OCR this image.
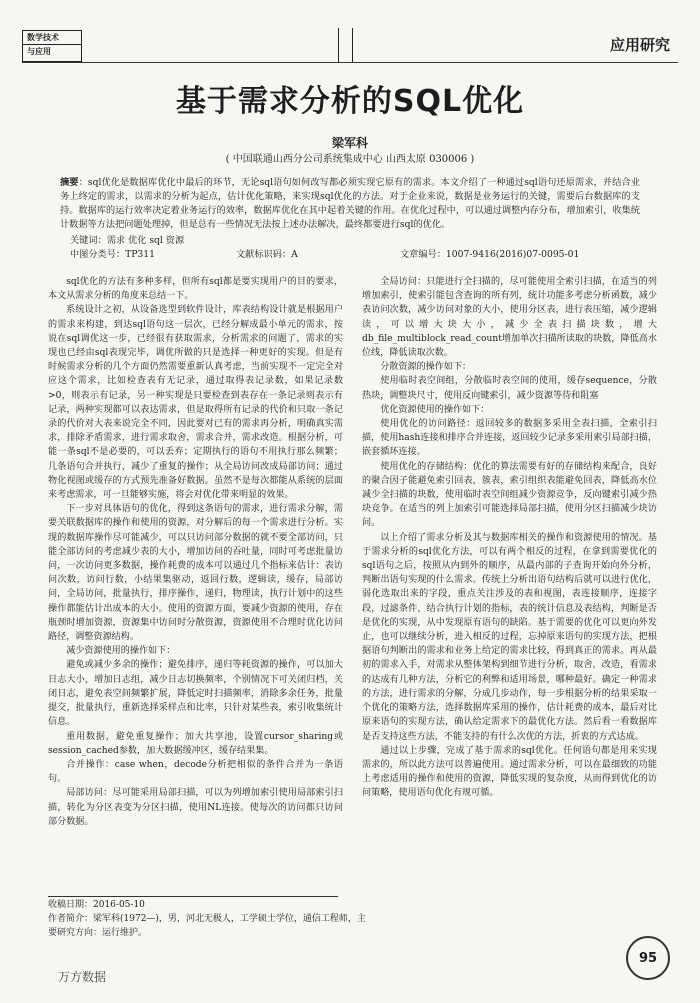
数学技术
与应用	应用研究
基于需求分析的SQL优化
梁军科
( 中国联通山西分公司系统集成中心 山西太原 030006 )
摘要：sql优化是数据库优化中最后的环节，无论sql语句如何改写都必须实现它原有的需求。本文介绍了一种通过sql语句还原需求，并结合业务上终定的需求，以需求的分析为起点，估计优化策略，来实现sql优化的方法。对于企业来说，数据是业务运行的关键，需要后台数据库的支持。数据库的运行效率决定着业务运行的效率，数据库优化在其中起着关键的作用。在优化过程中，可以通过调整内存分布，增加索引，收集统计数据等方法把问题处理掉，但是总有一些情况无法按上述办法解决，最终都要进行sql的优化。
关键词：需求 优化 sql 资源
中图分类号：TP311	文献标识码：A	文章编号：1007-9416(2016)07-0095-01

sql优化的方法有多种多样，但所有sql都是要实现用户的目的要求，本文从需求分析的角度来总结一下。

系统设计之初，从设备选型到软件设计，库表结构设计就是根据用户的需求来构建，到达sql语句这一层次，已经分解成最小单元的需求，按说在sql调优这一步，已经很有获取需求，分析需求的问题了，需求的实现也已经由sql表现完毕，调优所做的只是选择一种更好的实现。但是有时候需求分析的几个方面仍然需要重新认真考虑，当前实现不一定完全对应这个需求，比如检查表有无记录，通过取得表记录数，如果记录数>0，则表示有记录，另一种实现是只要检查到表存在一条记录则表示有记录，两种实现都可以表达需求，但是取得所有记录的代价和只取一条记录的代价对大表来说完全不同，因此要对已有的需求再分析，明确真实需求，排除矛盾需求，进行需求取舍，需求合并，需求改造。根据分析，可能一条sql不是必要的，可以丢弃；定期执行的语句不用执行那么频繁；几条语句合并执行，减少了重复的操作；从全局访问改成局部访问；通过物化视图或缓存的方式预先准备好数据。虽然不是每次都能从系统的层面来考虑需求，可一旦能够实施，将会对优化带来明显的效果。

下一步对具体语句的优化，得到这条语句的需求，进行需求分解，需要关联数据库的操作和使用的资源，对分解后的每一个需求进行分析。实现的数据库操作尽可能减少，可以只访问部分数据的就不要全部访问，只能全部访问的考虑减少表的大小，增加访问的吞吐量，同时可考虑批量访问，一次访问更多数据，操作耗费的成本可以通过几个指标来估计：表访问次数，访问行数，小结果集驱动，返回行数，逻辑读，缓存，局部访问，全局访问，批量执行，排序操作，递归，物理读，执行计划中的这些操作都能估计出成本的大小。使用的资源方面，要减少资源的使用，存在瓶颈时增加资源，资源集中访问时分散资源，资源使用不合理时优化访问路径，调整资源结构。

减少资源使用的操作如下：

避免或减少多余的操作；避免排序，递归等耗资源的操作，可以加大日志大小，增加日志组，减少日志切换频率，个别情况下可关闭归档，关闭日志，避免表空间频繁扩展，降低定时扫描频率，消除多余任务，批量提交，批量执行，重新选择采样点和比率，只针对某些表，索引收集统计信息。

重用数据，避免重复操作；加大共享池，设置cursor_sharing或session_cached参数，加大数据缓冲区，缓存结果集。

合并操作：case when，decode分析把相似的条件合并为一条语句。

局部访问：尽可能采用局部扫描，可以为列增加索引使用局部索引扫描，转化为分区表变为分区扫描，使用NL连接。使每次的访问都只访问部分数据。

全局访问：只能进行全扫描的，尽可能使用全索引扫描，在适当的列增加索引，使索引能包含查询的所有列，统计功能多考虑分析函数，减少表访问次数，减少访问对象的大小，使用分区表，进行表压缩，减少逻辑读，可以增大块大小，减少全表扫描块数，增大db_file_multiblock_read_count增加单次扫描所读取的块数，降低高水位线，降低读取次数。

分散资源的操作如下：

使用临时表空间组，分散临时表空间的使用，缓存sequence，分散热块，调整块尺寸，使用反向键索引，减少资源等待和阻塞

优化资源使用的操作如下：

使用优化的访问路径：返回较多的数据多采用全表扫描，全索引扫描，使用hash连接和排序合并连接，返回较少记录多采用索引局部扫描，嵌套循环连接。

使用优化的存储结构：优化的算法需要有好的存储结构来配合，良好的聚合因子能避免索引回表，簇表，索引组织表能避免回表，降低高水位减少全扫描的块数，使用临时表空间组减少资源竞争，反向键索引减少热块竞争。在适当的列上加索引可能选择局部扫描，使用分区扫描减少块访问。

以上介绍了需求分析及其与数据库相关的操作和资源使用的情况。基于需求分析的sql优化方法，可以有两个相反的过程，在拿到需要优化的sql语句之后，按照从内到外的顺序，从最内部的子查询开始向外分析，判断出语句实现的什么需求。传统上分析出语句结构后就可以进行优化，弱化选取出来的字段，重点关注涉及的表和视图，表连接顺序，连接字段，过滤条件，结合执行计划的指标，表的统计信息及表结构，判断是否是优化的实现，从中发现原有语句的缺陷。基于需要的优化可以更向外发止，也可以继续分析，进入相反的过程，忘掉原来语句的实现方法，把根据语句判断出的需求和业务上给定的需求比较，得到真正的需求。再从最初的需求入手，对需求从整体架构到细节进行分析，取舍，改造，看需求的达成有几种方法，分析它的利弊和适用场景，哪种最好。确定一种需求的方法，进行需求的分解，分成几步动作，每一步根据分析的结果采取一个优化的策略方法，选择数据库采用的操作，估计耗费的成本，最后对比原来语句的实现方法，确认给定需求下的最优化方法。然后看一看数据库是否支持这些方法，不能支持的有什么次优的方法，折衷的方式达成。

通过以上步骤，完成了基于需求的sql优化。任何语句都是用来实现需求的，所以此方法可以普遍使用。通过需求分析，可以在最细致的功能上考虑适用的操作和使用的资源，降低实现的复杂度，从而得到优化的访问策略，使用语句优化有规可循。

收稿日期：2016-05-10
作者简介：梁军科(1972—)，男，河北无极人，工学硕士学位，通信工程师，主要研究方向：运行维护。
95
万方数据
